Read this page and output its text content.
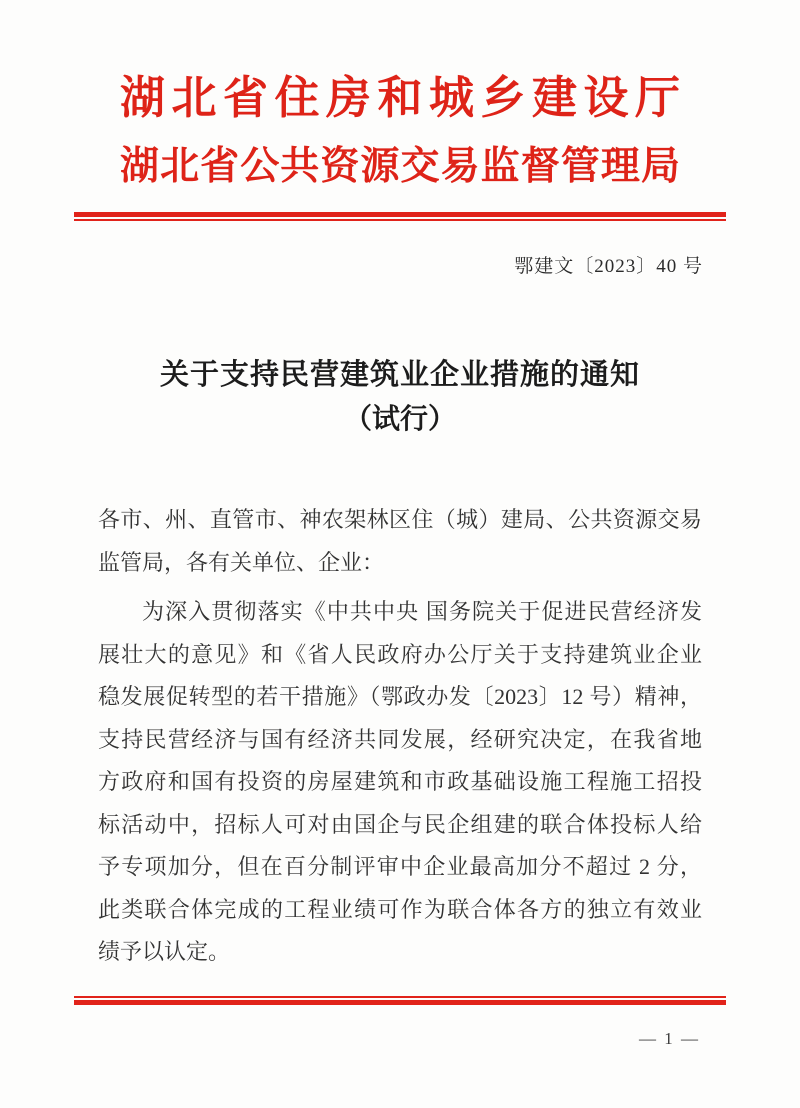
湖北省住房和城乡建设厅
湖北省公共资源交易监督管理局
鄂建文〔2023〕40 号
关于支持民营建筑业企业措施的通知
（试行）
各市、州、直管市、神农架林区住（城）建局、公共资源交易
监管局，各有关单位、企业：
为深入贯彻落实《中共中央 国务院关于促进民营经济发
展壮大的意见》和《省人民政府办公厅关于支持建筑业企业
稳发展促转型的若干措施》（鄂政办发〔2023〕12 号）精神，
支持民营经济与国有经济共同发展，经研究决定，在我省地
方政府和国有投资的房屋建筑和市政基础设施工程施工招投
标活动中，招标人可对由国企与民企组建的联合体投标人给
予专项加分，但在百分制评审中企业最高加分不超过 2 分，
此类联合体完成的工程业绩可作为联合体各方的独立有效业
绩予以认定。
— 1 —
